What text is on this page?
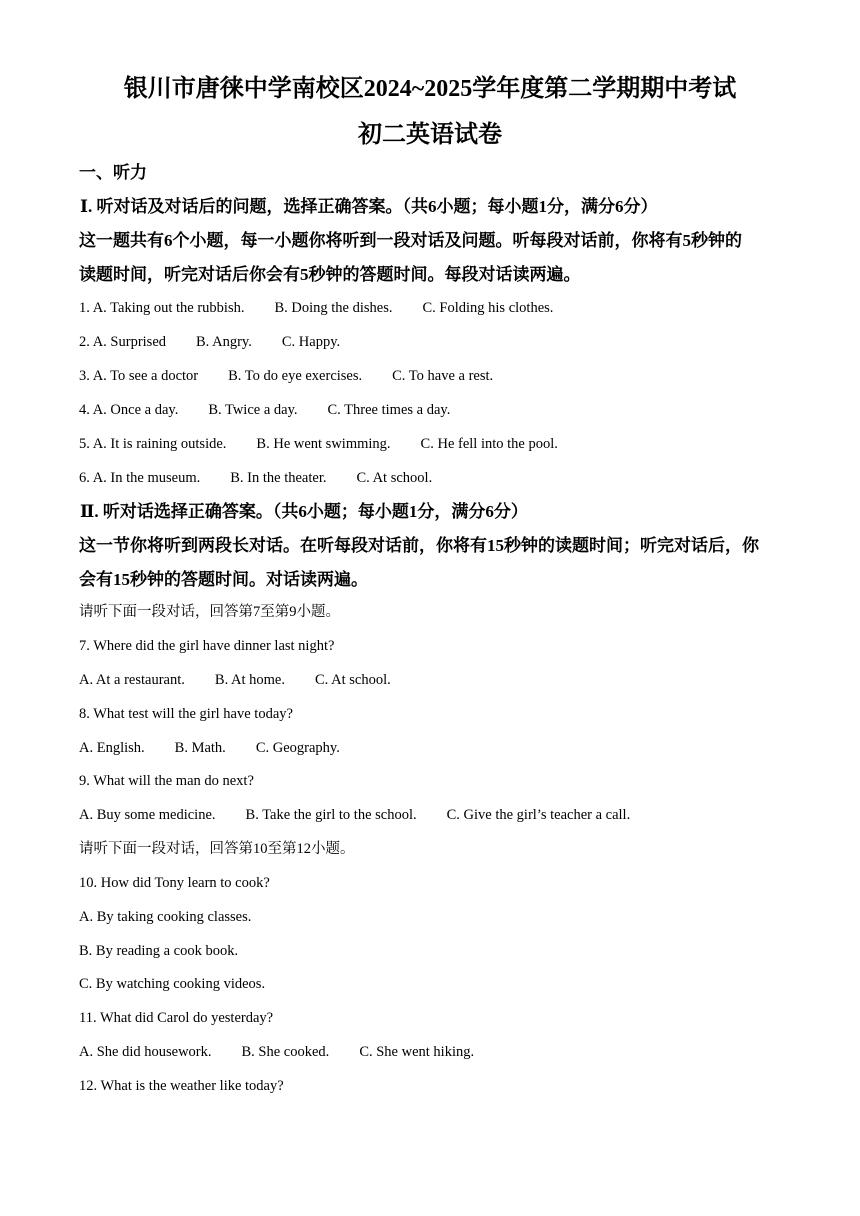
银川市唐徕中学南校区2024~2025学年度第二学期期中考试
初二英语试卷
一、听力
Ⅰ. 听对话及对话后的问题，选择正确答案。（共6小题；每小题1分，满分6分）
这一题共有6个小题，每一小题你将听到一段对话及问题。听每段对话前，你将有5秒钟的
读题时间，听完对话后你会有5秒钟的答题时间。每段对话读两遍。
1. A. Taking out the rubbish. B. Doing the dishes. C. Folding his clothes.
2. A. Surprised B. Angry. C. Happy.
3. A. To see a doctor B. To do eye exercises. C. To have a rest.
4. A. Once a day. B. Twice a day. C. Three times a day.
5. A. It is raining outside. B. He went swimming. C. He fell into the pool.
6. A. In the museum. B. In the theater. C. At school.
Ⅱ. 听对话选择正确答案。（共6小题；每小题1分，满分6分）
这一节你将听到两段长对话。在听每段对话前，你将有15秒钟的读题时间；听完对话后，你
会有15秒钟的答题时间。对话读两遍。
请听下面一段对话，回答第7至第9小题。
7. Where did the girl have dinner last night?
A. At a restaurant. B. At home. C. At school.
8. What test will the girl have today?
A. English. B. Math. C. Geography.
9. What will the man do next?
A. Buy some medicine. B. Take the girl to the school. C. Give the girl’s teacher a call.
请听下面一段对话，回答第10至第12小题。
10. How did Tony learn to cook?
A. By taking cooking classes.
B. By reading a cook book.
C. By watching cooking videos.
11. What did Carol do yesterday?
A. She did housework. B. She cooked. C. She went hiking.
12. What is the weather like today?
